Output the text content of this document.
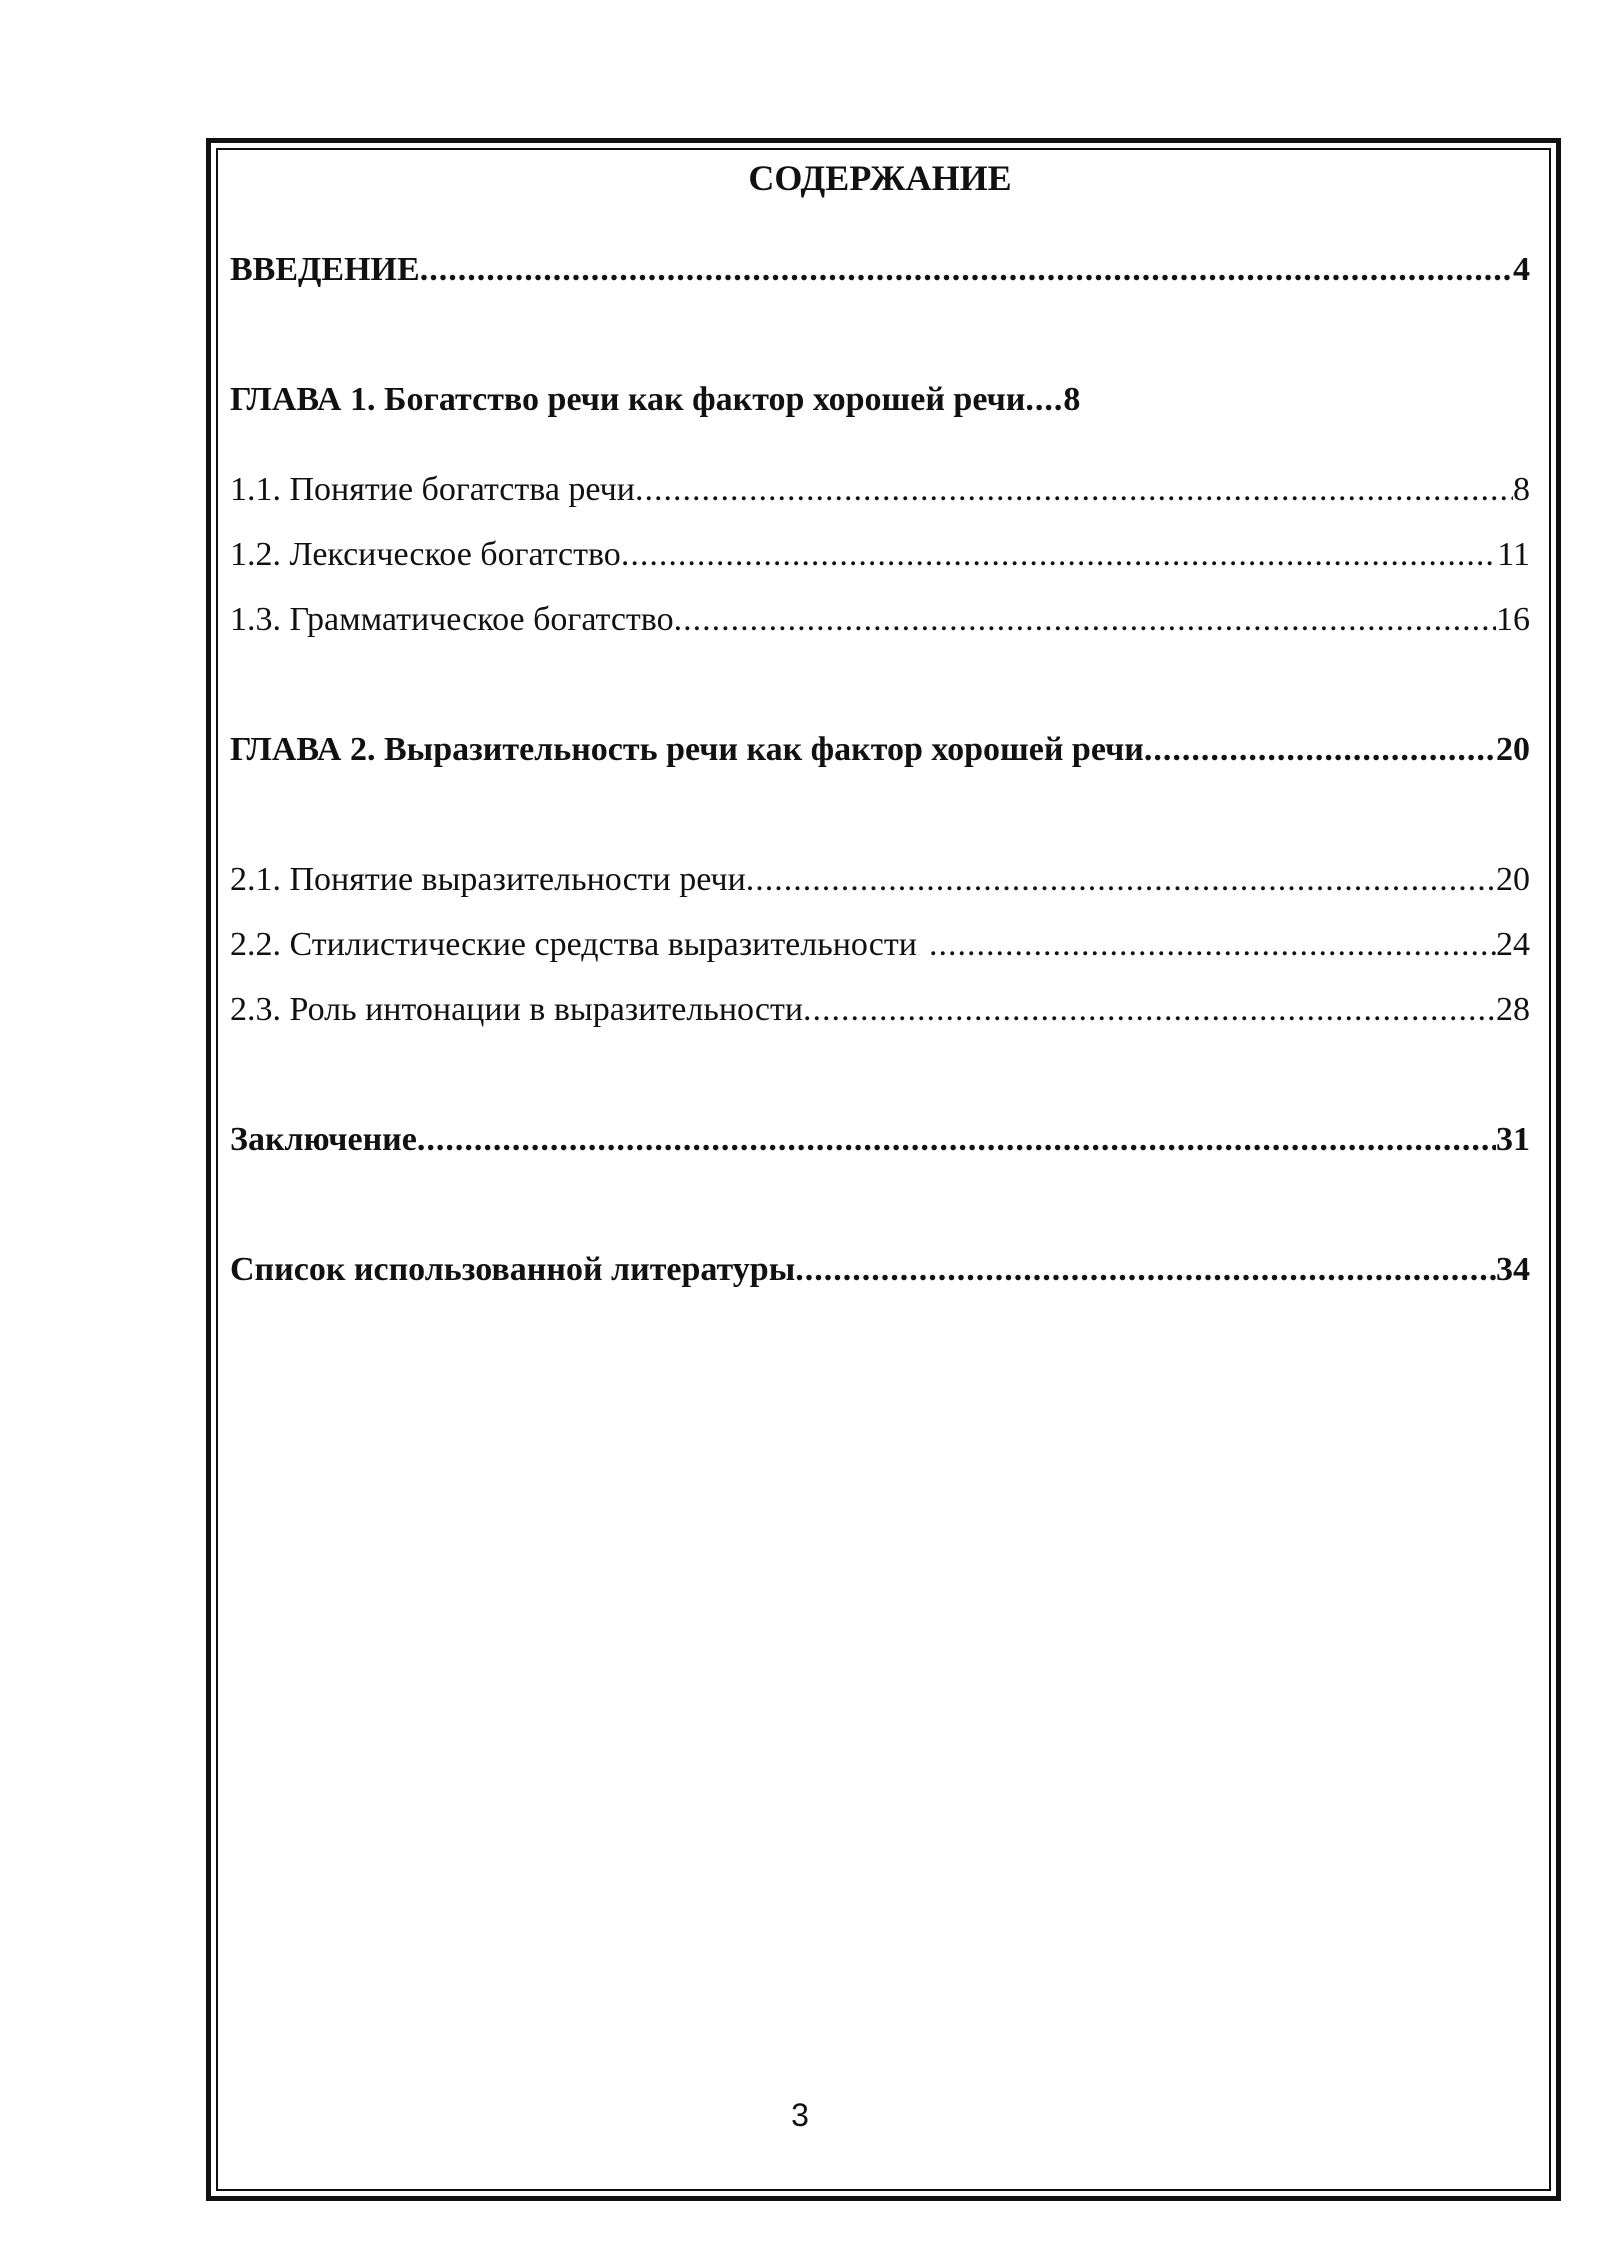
СОДЕРЖАНИЕ
ВВЕДЕНИЕ .....	4
ГЛАВА 1. Богатство речи как фактор хорошей речи .... 8
1.1. Понятие богатства речи .....	8
1.2. Лексическое богатство .....	11
1.3. Грамматическое богатство .....	16
ГЛАВА 2. Выразительность речи как фактор хорошей речи .....	20
2.1. Понятие выразительности речи .....	20
2.2. Стилистические средства выразительности .....	24
2.3. Роль интонации в выразительности .....	28
Заключение .....	31
Список использованной литературы .....	34
3
